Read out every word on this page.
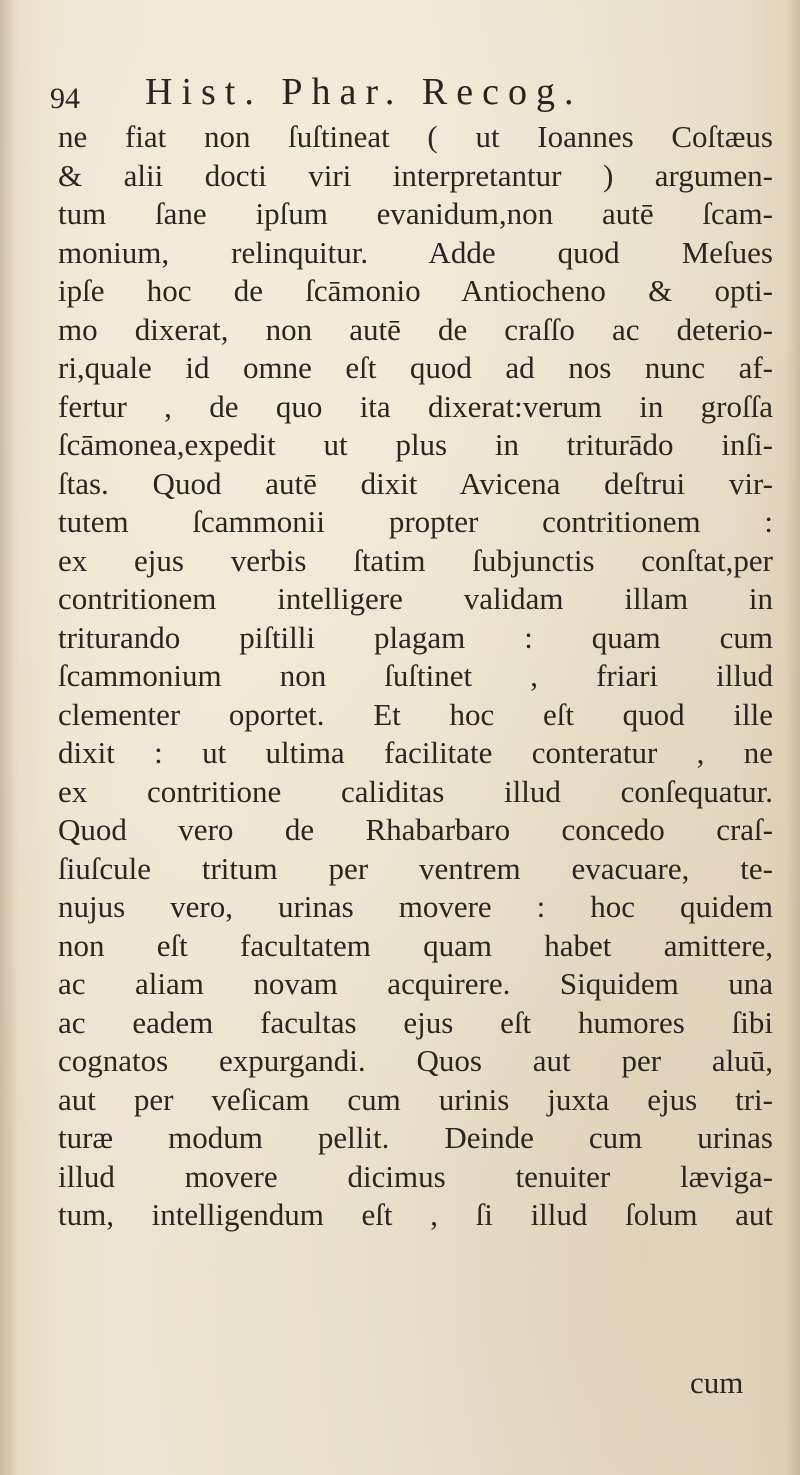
94 Hist. Phar. Recog.
ne fiat non ſuſtineat ( ut Ioannes Coſtæus
& alii docti viri interpretantur ) argumen-
tum ſane ipſum evanidum,non autē ſcam-
monium, relinquitur. Adde quod Meſues
ipſe hoc de ſcāmonio Antiocheno & opti-
mo dixerat, non autē de craſſo ac deterio-
ri,quale id omne eſt quod ad nos nunc af-
fertur , de quo ita dixerat:verum in groſſa
ſcāmonea,expedit ut plus in triturādo inſi-
ſtas. Quod autē dixit Avicena deſtrui vir-
tutem ſcammonii propter contritionem :
ex ejus verbis ſtatim ſubjunctis conſtat,per
contritionem intelligere validam illam in
triturando piſtilli plagam : quam cum
ſcammonium non ſuſtinet , friari illud
clementer oportet. Et hoc eſt quod ille
dixit : ut ultima facilitate conteratur , ne
ex contritione caliditas illud conſequatur.
Quod vero de Rhabarbaro concedo craſ-
ſiuſcule tritum per ventrem evacuare, te-
nujus vero, urinas movere : hoc quidem
non eſt facultatem quam habet amittere,
ac aliam novam acquirere. Siquidem una
ac eadem facultas ejus eſt humores ſibi
cognatos expurgandi. Quos aut per aluū,
aut per veſicam cum urinis juxta ejus tri-
turæ modum pellit. Deinde cum urinas
illud movere dicimus tenuiter læviga-
tum, intelligendum eſt , ſi illud ſolum aut
cum
